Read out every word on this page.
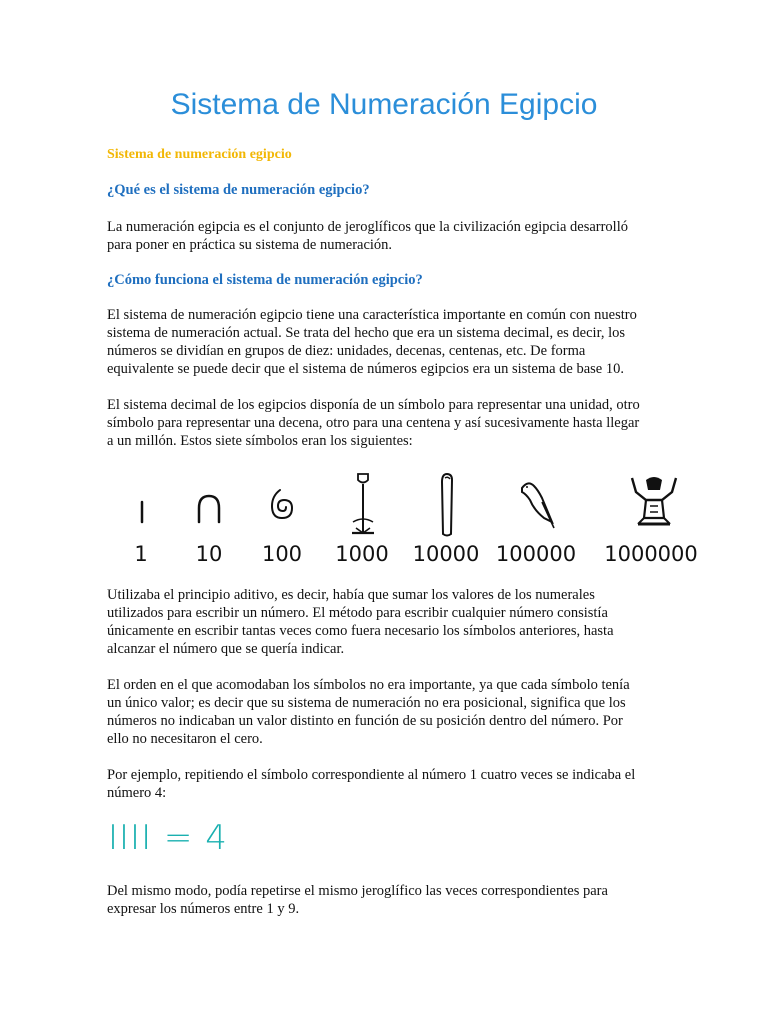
Sistema de Numeración Egipcio
Sistema de numeración egipcio
¿Qué es el sistema de numeración egipcio?
La numeración egipcia es el conjunto de jeroglíficos que la civilización egipcia desarrolló
para poner en práctica su sistema de numeración.
¿Cómo funciona el sistema de numeración egipcio?
El sistema de numeración egipcio tiene una característica importante en común con nuestro
sistema de numeración actual. Se trata del hecho que era un sistema decimal, es decir, los
números se dividían en grupos de diez: unidades, decenas, centenas, etc. De forma
equivalente se puede decir que el sistema de números egipcios era un sistema de base 10.
El sistema decimal de los egipcios disponía de un símbolo para representar una unidad, otro
símbolo para representar una decena, otro para una centena y así sucesivamente hasta llegar
a un millón. Estos siete símbolos eran los siguientes:
1 10 100 1000 10000 100000 1000000
Utilizaba el principio aditivo, es decir, había que sumar los valores de los numerales
utilizados para escribir un número. El método para escribir cualquier número consistía
únicamente en escribir tantas veces como fuera necesario los símbolos anteriores, hasta
alcanzar el número que se quería indicar.
El orden en el que acomodaban los símbolos no era importante, ya que cada símbolo tenía
un único valor; es decir que su sistema de numeración no era posicional, significa que los
números no indicaban un valor distinto en función de su posición dentro del número. Por
ello no necesitaron el cero.
Por ejemplo, repitiendo el símbolo correspondiente al número 1 cuatro veces se indicaba el
número 4:
IIII = 4
Del mismo modo, podía repetirse el mismo jeroglífico las veces correspondientes para
expresar los números entre 1 y 9.
